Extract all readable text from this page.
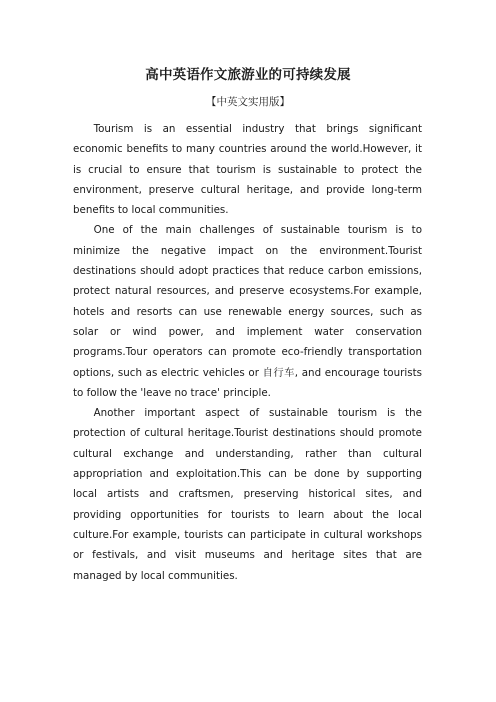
高中英语作文旅游业的可持续发展
【中英文实用版】

Tourism is an essential industry that brings significant economic benefits to many countries around the world.However, it is crucial to ensure that tourism is sustainable to protect the environment, preserve cultural heritage, and provide long-term benefits to local communities.

One of the main challenges of sustainable tourism is to minimize the negative impact on the environment.Tourist destinations should adopt practices that reduce carbon emissions, protect natural resources, and preserve ecosystems.For example, hotels and resorts can use renewable energy sources, such as solar or wind power, and implement water conservation programs.Tour operators can promote eco-friendly transportation options, such as electric vehicles or 自行车, and encourage tourists to follow the 'leave no trace' principle.

Another important aspect of sustainable tourism is the protection of cultural heritage.Tourist destinations should promote cultural exchange and understanding, rather than cultural appropriation and exploitation.This can be done by supporting local artists and craftsmen, preserving historical sites, and providing opportunities for tourists to learn about the local culture.For example, tourists can participate in cultural workshops or festivals, and visit museums and heritage sites that are managed by local communities.
